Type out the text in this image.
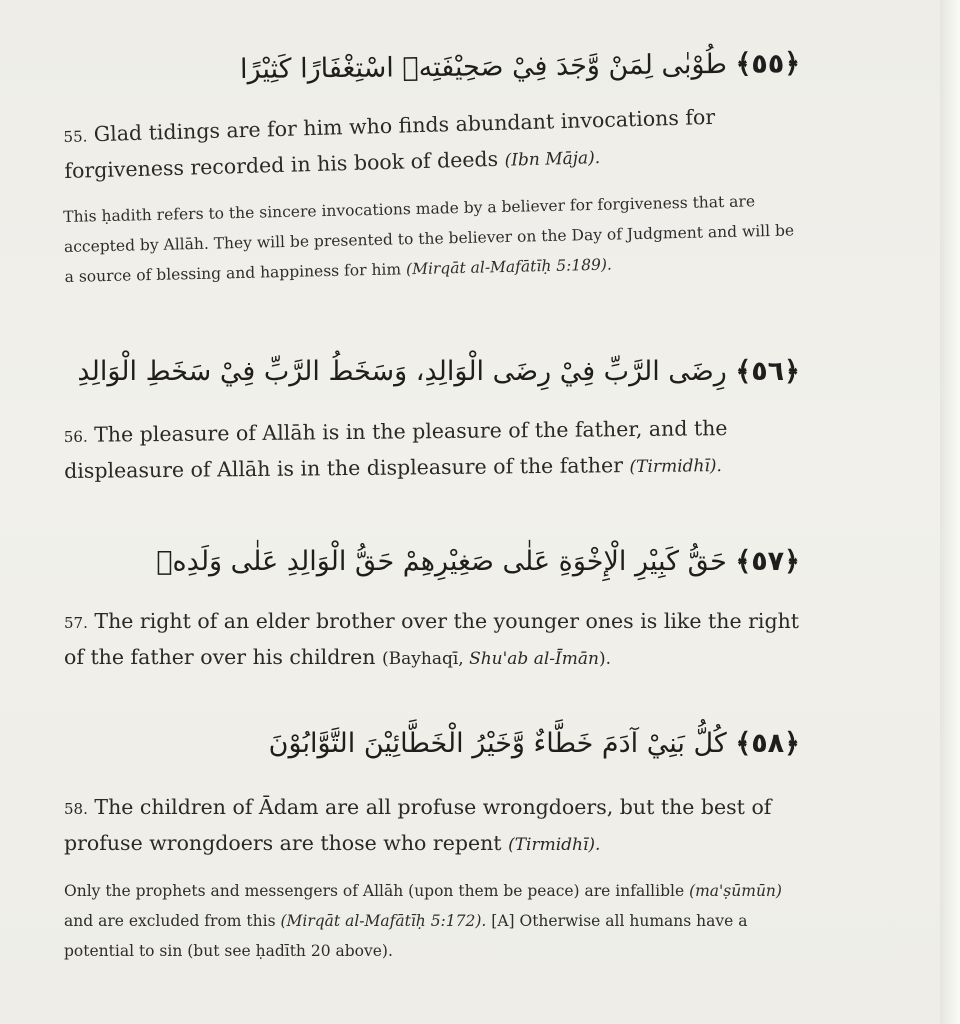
﴿٥٥﴾ طُوْبٰى لِمَنْ وَّجَدَ فِيْ صَحِيْفَتِهٖ اسْتِغْفَارًا كَثِيْرًا
55. Glad tidings are for him who finds abundant invocations for forgiveness recorded in his book of deeds (Ibn Māja).
This ḥadith refers to the sincere invocations made by a believer for forgiveness that are accepted by Allāh. They will be presented to the believer on the Day of Judgment and will be a source of blessing and happiness for him (Mirqāt al-Mafātīḥ 5:189).
﴿٥٦﴾ رِضَى الرَّبِّ فِيْ رِضَى الْوَالِدِ، وَسَخَطُ الرَّبِّ فِيْ سَخَطِ الْوَالِدِ
56. The pleasure of Allāh is in the pleasure of the father, and the displeasure of Allāh is in the displeasure of the father (Tirmidhī).
﴿٥٧﴾ حَقُّ كَبِيْرِ الْإِخْوَةِ عَلٰى صَغِيْرِهِمْ حَقُّ الْوَالِدِ عَلٰى وَلَدِهٖ
57. The right of an elder brother over the younger ones is like the right of the father over his children (Bayhaqī, Shu'ab al-Īmān).
﴿٥٨﴾ كُلُّ بَنِيْ آدَمَ خَطَّاءٌ وَّخَيْرُ الْخَطَّائِيْنَ التَّوَّابُوْنَ
58. The children of Ādam are all profuse wrongdoers, but the best of profuse wrongdoers are those who repent (Tirmidhī).
Only the prophets and messengers of Allāh (upon them be peace) are infallible (ma'ṣūmūn) and are excluded from this (Mirqāt al-Mafātīḥ 5:172). [A] Otherwise all humans have a potential to sin (but see ḥadīth 20 above).
